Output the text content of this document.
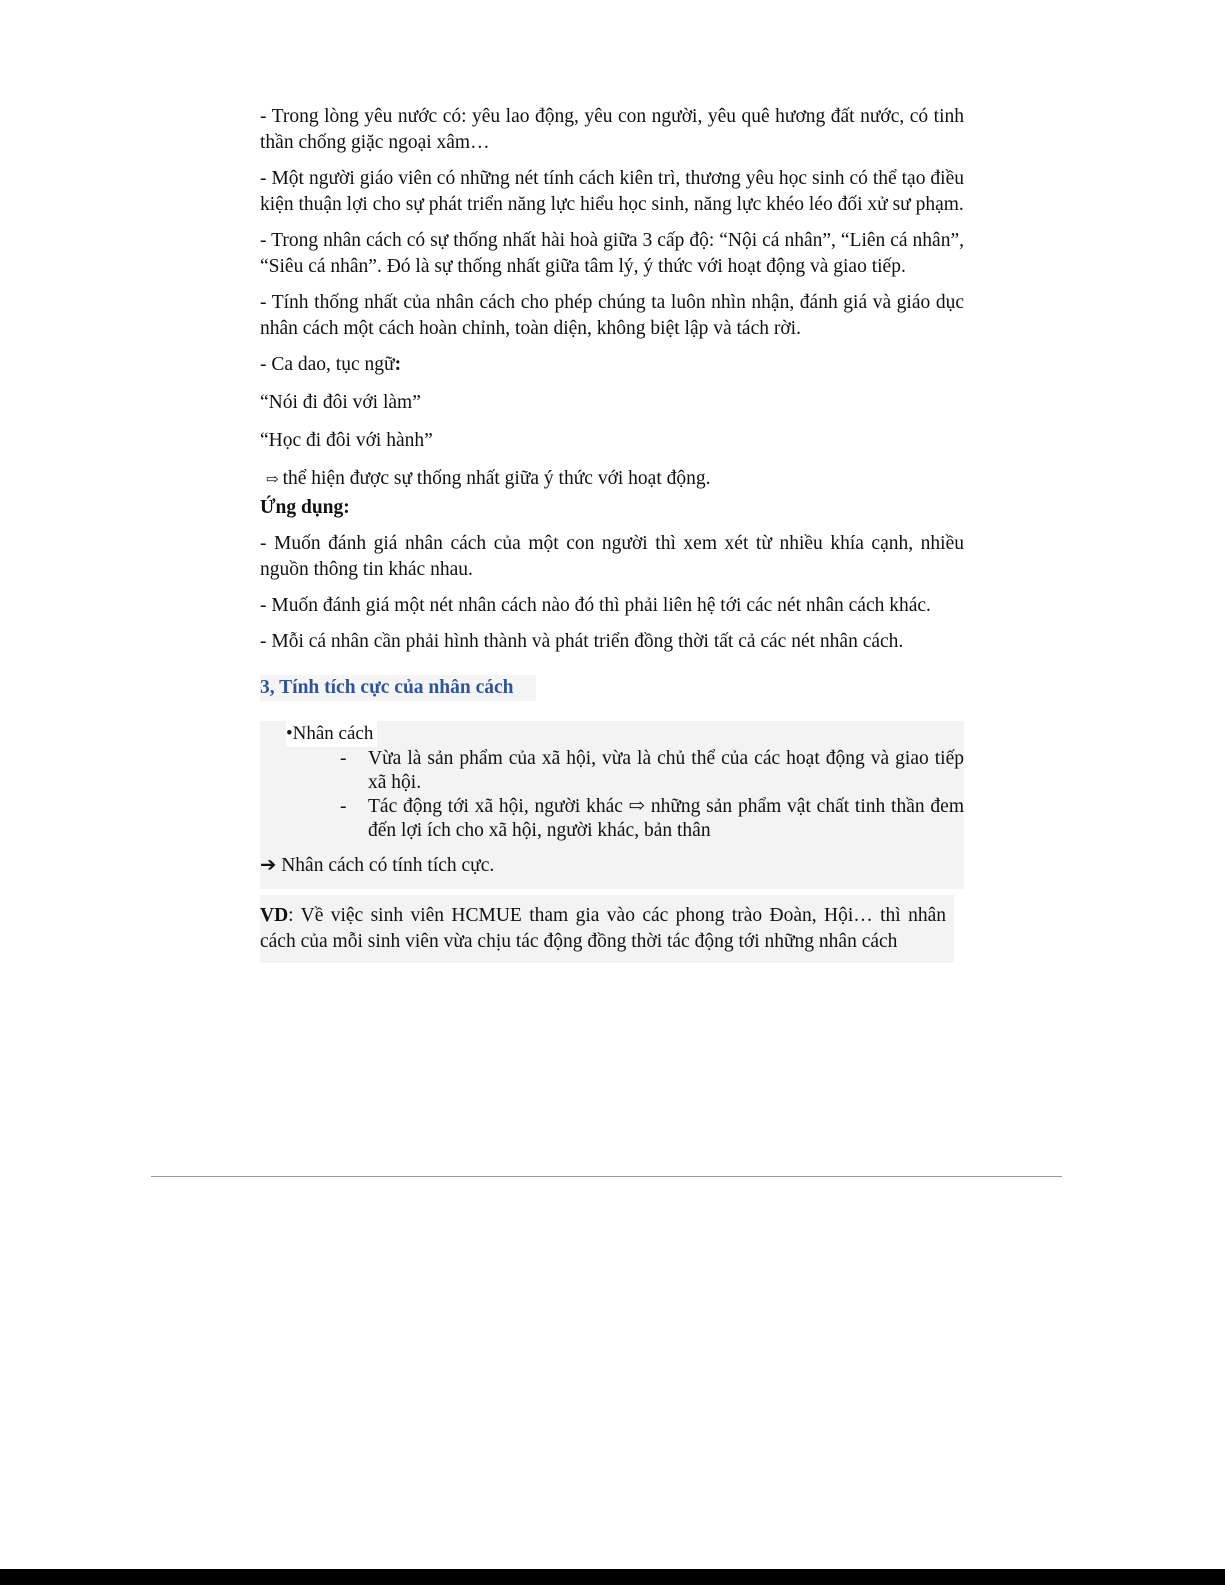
- Trong lòng yêu nước có: yêu lao động, yêu con người, yêu quê hương đất nước, có tinh thần chống giặc ngoại xâm…

- Một người giáo viên có những nét tính cách kiên trì, thương yêu học sinh có thể tạo điều kiện thuận lợi cho sự phát triển năng lực hiểu học sinh, năng lực khéo léo đối xử sư phạm.

- Trong nhân cách có sự thống nhất hài hoà giữa 3 cấp độ: “Nội cá nhân”, “Liên cá nhân”, “Siêu cá nhân”. Đó là sự thống nhất giữa tâm lý, ý thức với hoạt động và giao tiếp.

- Tính thống nhất của nhân cách cho phép chúng ta luôn nhìn nhận, đánh giá và giáo dục nhân cách một cách hoàn chỉnh, toàn diện, không biệt lập và tách rời.

- Ca dao, tục ngữ:

“Nói đi đôi với làm”

“Học đi đôi với hành”

⇨ thể hiện được sự thống nhất giữa ý thức với hoạt động.

Ứng dụng:

- Muốn đánh giá nhân cách của một con người thì xem xét từ nhiều khía cạnh, nhiều nguồn thông tin khác nhau.

- Muốn đánh giá một nét nhân cách nào đó thì phải liên hệ tới các nét nhân cách khác.

- Mỗi cá nhân cần phải hình thành và phát triển đồng thời tất cả các nét nhân cách.

3, Tính tích cực của nhân cách
•Nhân cách
- Vừa là sản phẩm của xã hội, vừa là chủ thể của các hoạt động và giao tiếp xã hội.
- Tác động tới xã hội, người khác ⇨ những sản phẩm vật chất tinh thần đem đến lợi ích cho xã hội, người khác, bản thân
➔ Nhân cách có tính tích cực.
VD: Về việc sinh viên HCMUE tham gia vào các phong trào Đoàn, Hội… thì nhân cách của mỗi sinh viên vừa chịu tác động đồng thời tác động tới những nhân cách
